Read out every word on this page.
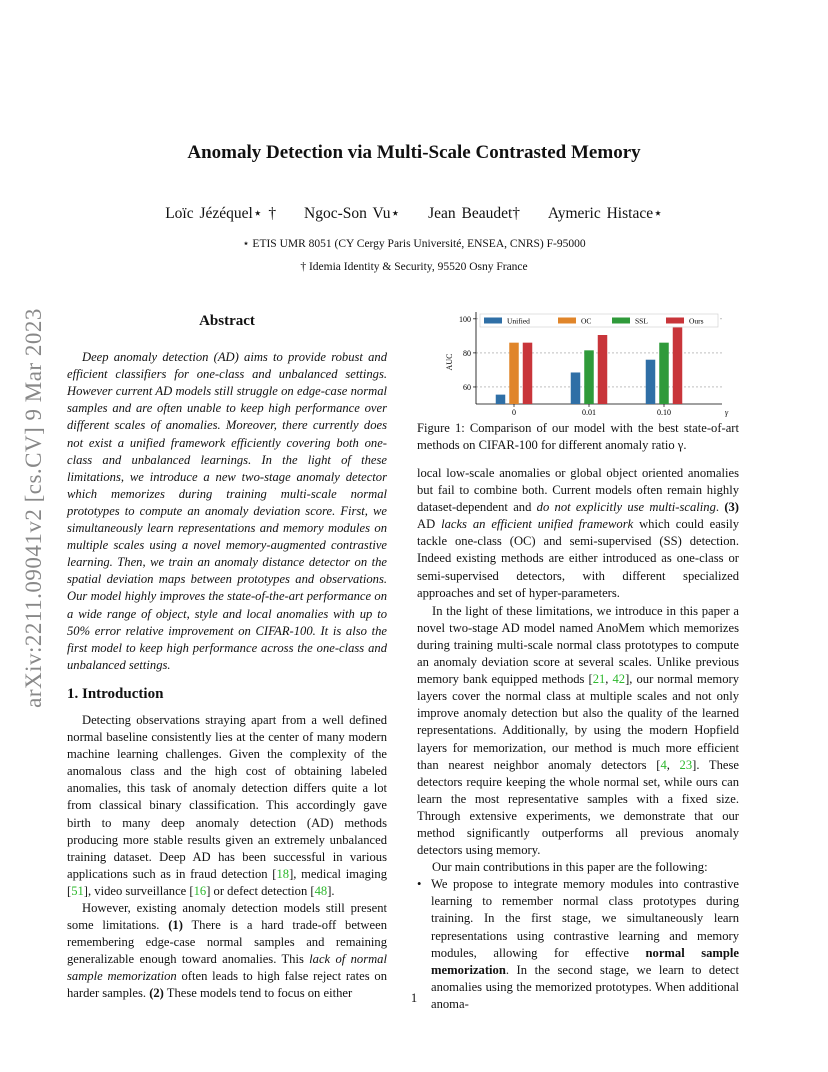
arXiv:2211.09041v2 [cs.CV] 9 Mar 2023
Anomaly Detection via Multi-Scale Contrasted Memory
Loïc Jézéquel⋆ † Ngoc-Son Vu⋆ Jean Beaudet† Aymeric Histace⋆
⋆ ETIS UMR 8051 (CY Cergy Paris Université, ENSEA, CNRS) F-95000
† Idemia Identity & Security, 95520 Osny France
Abstract

Deep anomaly detection (AD) aims to provide robust and efficient classifiers for one-class and unbalanced settings. However current AD models still struggle on edge-case normal samples and are often unable to keep high performance over different scales of anomalies. Moreover, there currently does not exist a unified framework efficiently covering both one-class and unbalanced learnings. In the light of these limitations, we introduce a new two-stage anomaly detector which memorizes during training multi-scale normal prototypes to compute an anomaly deviation score. First, we simultaneously learn representations and memory modules on multiple scales using a novel memory-augmented contrastive learning. Then, we train an anomaly distance detector on the spatial deviation maps between prototypes and observations. Our model highly improves the state-of-the-art performance on a wide range of object, style and local anomalies with up to 50% error relative improvement on CIFAR-100. It is also the first model to keep high performance across the one-class and unbalanced settings.

1. Introduction

Detecting observations straying apart from a well defined normal baseline consistently lies at the center of many modern machine learning challenges. Given the complexity of the anomalous class and the high cost of obtaining labeled anomalies, this task of anomaly detection differs quite a lot from classical binary classification. This accordingly gave birth to many deep anomaly detection (AD) methods producing more stable results given an extremely unbalanced training dataset. Deep AD has been successful in various applications such as in fraud detection [18], medical imaging [51], video surveillance [16] or defect detection [48].

However, existing anomaly detection models still present some limitations. (1) There is a hard trade-off between remembering edge-case normal samples and remaining generalizable enough toward anomalies. This lack of normal sample memorization often leads to high false reject rates on harder samples. (2) These models tend to focus on either

60
80
100
AUC
0	0.01	0.10	γ
Unified	OC	SSL	Ours

Figure 1: Comparison of our model with the best state-of-art methods on CIFAR-100 for different anomaly ratio γ.

local low-scale anomalies or global object oriented anomalies but fail to combine both. Current models often remain highly dataset-dependent and do not explicitly use multi-scaling. (3) AD lacks an efficient unified framework which could easily tackle one-class (OC) and semi-supervised (SS) detection. Indeed existing methods are either introduced as one-class or semi-supervised detectors, with different specialized approaches and set of hyper-parameters.

In the light of these limitations, we introduce in this paper a novel two-stage AD model named AnoMem which memorizes during training multi-scale normal class prototypes to compute an anomaly deviation score at several scales. Unlike previous memory bank equipped methods [21, 42], our normal memory layers cover the normal class at multiple scales and not only improve anomaly detection but also the quality of the learned representations. Additionally, by using the modern Hopfield layers for memorization, our method is much more efficient than nearest neighbor anomaly detectors [4, 23]. These detectors require keeping the whole normal set, while ours can learn the most representative samples with a fixed size. Through extensive experiments, we demonstrate that our method significantly outperforms all previous anomaly detectors using memory.

Our main contributions in this paper are the following:

• We propose to integrate memory modules into contrastive learning to remember normal class prototypes during training. In the first stage, we simultaneously learn representations using contrastive learning and memory modules, allowing for effective normal sample memorization. In the second stage, we learn to detect anomalies using the memorized prototypes. When additional anoma-

1
